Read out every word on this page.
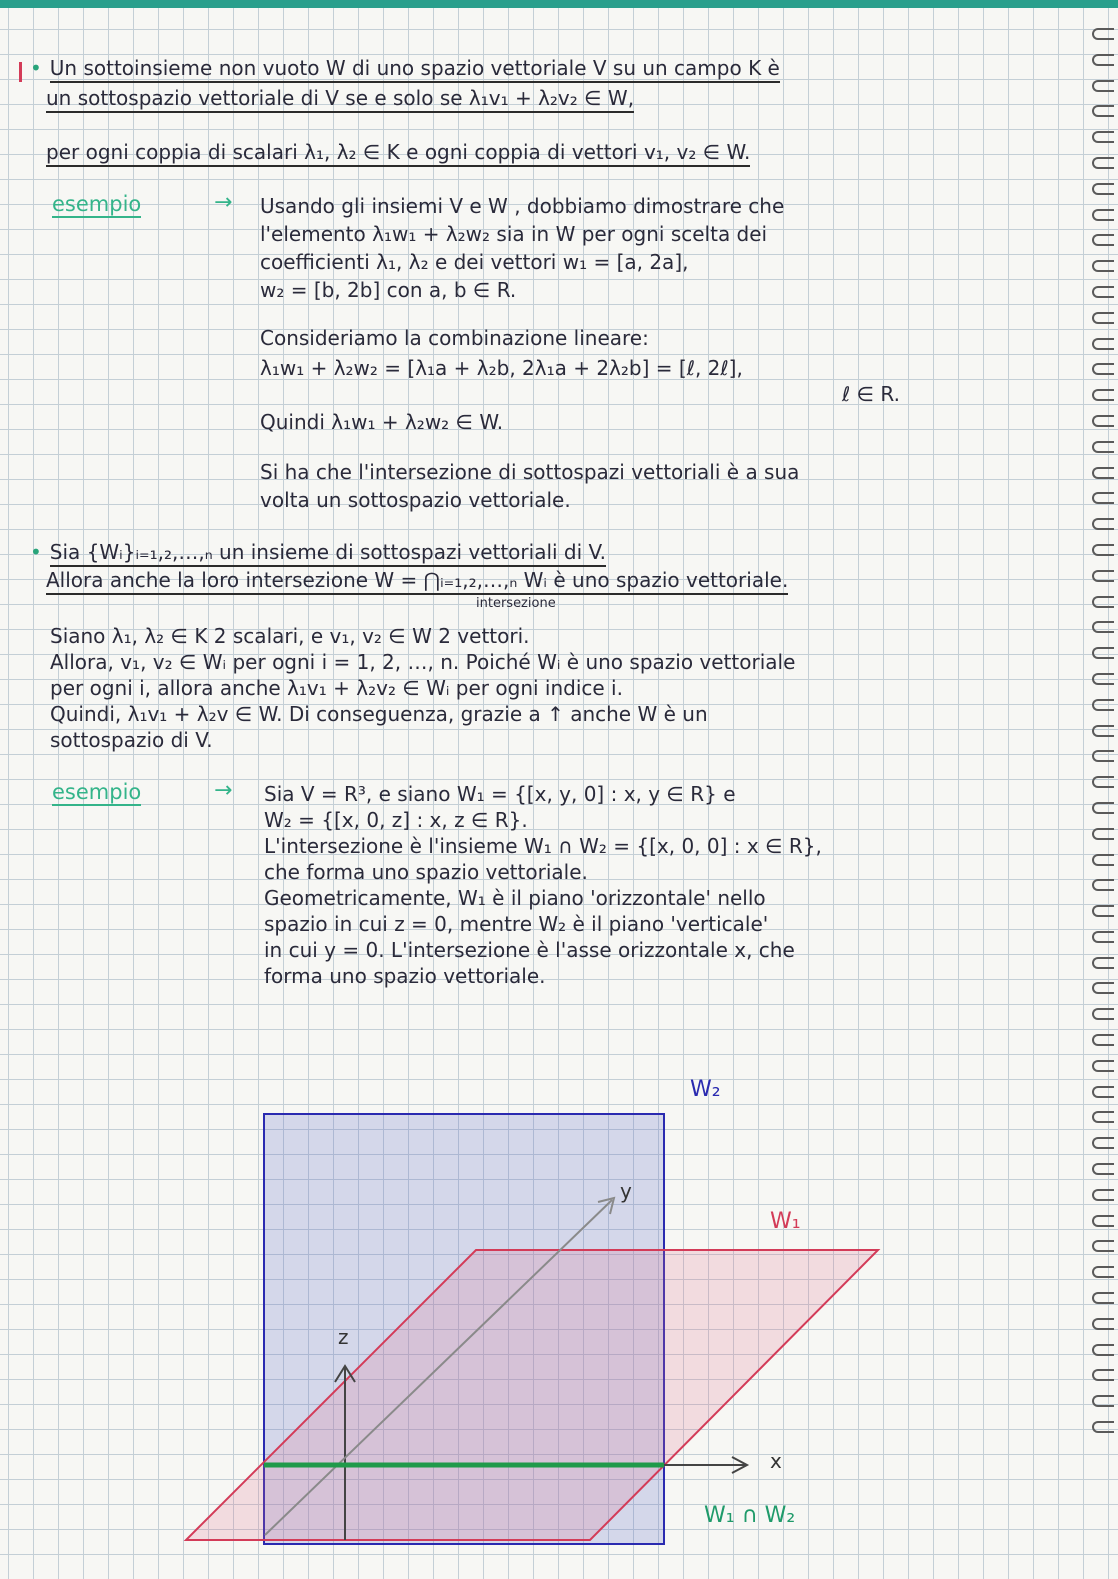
• Un sottoinsieme non vuoto W di uno spazio vettoriale V su un campo K è
un sottospazio vettoriale di V se e solo se λ₁v₁ + λ₂v₂ ∈ W,
per ogni coppia di scalari λ₁, λ₂ ∈ K e ogni coppia di vettori v₁, v₂ ∈ W.
esempio	→ Usando gli insiemi V e W , dobbiamo dimostrare che
l'elemento λ₁w₁ + λ₂w₂ sia in W per ogni scelta dei
coefficienti λ₁, λ₂ e dei vettori w₁ = [a, 2a],
w₂ = [b, 2b] con a, b ∈ R.
Consideriamo la combinazione lineare:
λ₁w₁ + λ₂w₂ = [λ₁a + λ₂b, 2λ₁a + 2λ₂b] = [ℓ, 2ℓ],
ℓ ∈ R.
Quindi λ₁w₁ + λ₂w₂ ∈ W.
Si ha che l'intersezione di sottospazi vettoriali è a sua
volta un sottospazio vettoriale.
• Sia {Wᵢ}ᵢ₌₁,₂,…,ₙ un insieme di sottospazi vettoriali di V.
Allora anche la loro intersezione W = ⋂ᵢ₌₁,₂,…,ₙ Wᵢ è uno spazio vettoriale.
intersezione
Siano λ₁, λ₂ ∈ K 2 scalari, e v₁, v₂ ∈ W 2 vettori.
Allora, v₁, v₂ ∈ Wᵢ per ogni i = 1, 2, …, n. Poiché Wᵢ è uno spazio vettoriale
per ogni i, allora anche λ₁v₁ + λ₂v₂ ∈ Wᵢ per ogni indice i.
Quindi, λ₁v₁ + λ₂v ∈ W. Di conseguenza, grazie a ↑ anche W è un
sottospazio di V.
esempio	→ Sia V = R³, e siano W₁ = {[x, y, 0] : x, y ∈ R} e
W₂ = {[x, 0, z] : x, z ∈ R}.
L'intersezione è l'insieme W₁ ∩ W₂ = {[x, 0, 0] : x ∈ R},
che forma uno spazio vettoriale.
Geometricamente, W₁ è il piano 'orizzontale' nello
spazio in cui z = 0, mentre W₂ è il piano 'verticale'
in cui y = 0. L'intersezione è l'asse orizzontale x, che
forma uno spazio vettoriale.
z
y
x
W₂
W₁
W₁ ∩ W₂
